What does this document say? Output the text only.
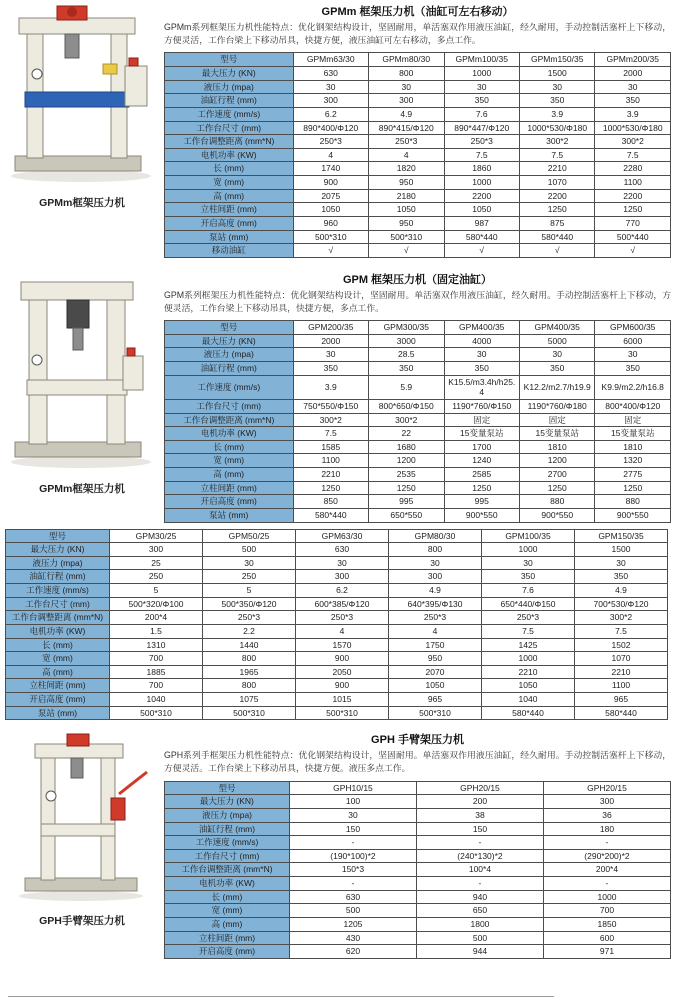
GPMm框架压力机
GPMm 框架压力机（油缸可左右移动）
GPMm系列框架压力机性能特点：优化钢架结构设计，坚固耐用，单活塞双作用液压油缸，经久耐用，手动控制活塞杆上下移动，方便灵活，工作台梁上下移动吊具，快捷方便，液压油缸可左右移动，多点工作。
型号	GPMm63/30	GPMm80/30	GPMm100/35	GPMm150/35	GPMm200/35
最大压力 (KN)	630	800	1000	1500	2000
液压力 (mpa)	30	30	30	30	30
油缸行程 (mm)	300	300	350	350	350
工作速度 (mm/s)	6.2	4.9	7.6	3.9	3.9
工作台尺寸 (mm)	890*400/Φ120	890*415/Φ120	890*447/Φ120	1000*530/Φ180	1000*530/Φ180
工作台调整距离 (mm*N)	250*3	250*3	250*3	300*2	300*2
电机功率 (KW)	4	4	7.5	7.5	7.5
长 (mm)	1740	1820	1860	2210	2280
宽 (mm)	900	950	1000	1070	1100
高 (mm)	2075	2180	2200	2200	2200
立柱间距 (mm)	1050	1050	1050	1250	1250
开启高度 (mm)	960	950	987	875	770
泵站 (mm)	500*310	500*310	580*440	580*440	500*440
移动油缸	√	√	√	√	√
GPMm框架压力机
GPM 框架压力机（固定油缸）
GPM系列框架压力机性能特点：优化钢架结构设计，坚固耐用。单活塞双作用液压油缸，经久耐用。手动控制活塞杆上下移动，方便灵活，工作台梁上下移动吊具，快捷方便，多点工作。
型号	GPM200/35	GPM300/35	GPM400/35	GPM400/35	GPM600/35
最大压力 (KN)	2000	3000	4000	5000	6000
液压力 (mpa)	30	28.5	30	30	30
油缸行程 (mm)	350	350	350	350	350
工作速度 (mm/s)	3.9	5.9	K15.5/m3.4h/h25.4	K12.2/m2.7/h19.9	K9.9/m2.2/h16.8
工作台尺寸 (mm)	750*550/Φ150	800*650/Φ150	1190*760/Φ150	1190*760/Φ180	800*400/Φ120
工作台调整距离 (mm*N)	300*2	300*2	固定	固定	固定
电机功率 (KW)	7.5	22	15变量泵站	15变量泵站	15变量泵站
长 (mm)	1585	1680	1700	1810	1810
宽 (mm)	1100	1200	1240	1200	1320
高 (mm)	2210	2535	2585	2700	2775
立柱间距 (mm)	1250	1250	1250	1250	1250
开启高度 (mm)	850	995	995	880	880
泵站 (mm)	580*440	650*550	900*550	900*550	900*550
型号	GPM30/25	GPM50/25	GPM63/30	GPM80/30	GPM100/35	GPM150/35
最大压力 (KN)	300	500	630	800	1000	1500
液压力 (mpa)	25	30	30	30	30	30
油缸行程 (mm)	250	250	300	300	350	350
工作速度 (mm/s)	5	5	6.2	4.9	7.6	4.9
工作台尺寸 (mm)	500*320/Φ100	500*350/Φ120	600*385/Φ120	640*395/Φ130	650*440/Φ150	700*530/Φ120
工作台调整距离 (mm*N)	200*4	250*3	250*3	250*3	250*3	300*2
电机功率 (KW)	1.5	2.2	4	4	7.5	7.5
长 (mm)	1310	1440	1570	1750	1425	1502
宽 (mm)	700	800	900	950	1000	1070
高 (mm)	1885	1965	2050	2070	2210	2210
立柱间距 (mm)	700	800	900	1050	1050	1100
开启高度 (mm)	1040	1075	1015	965	1040	965
泵站 (mm)	500*310	500*310	500*310	500*310	580*440	580*440
GPH手臂架压力机
GPH 手臂架压力机
GPH系列手框架压力机性能特点：优化钢架结构设计，坚固耐用。单活塞双作用液压油缸，经久耐用。手动控制活塞杆上下移动，方便灵活。工作台梁上下移动吊具，快捷方便。液压多点工作。
型号	GPH10/15	GPH20/15	GPH20/15
最大压力 (KN)	100	200	300
液压力 (mpa)	30	38	36
油缸行程 (mm)	150	150	180
工作速度 (mm/s)	-	-	-
工作台尺寸 (mm)	(190*100)*2	(240*130)*2	(290*200)*2
工作台调整距离 (mm*N)	150*3	100*4	200*4
电机功率 (KW)	-	-	-
长 (mm)	630	940	1000
宽 (mm)	500	650	700
高 (mm)	1205	1800	1850
立柱间距 (mm)	430	500	600
开启高度 (mm)	620	944	971
